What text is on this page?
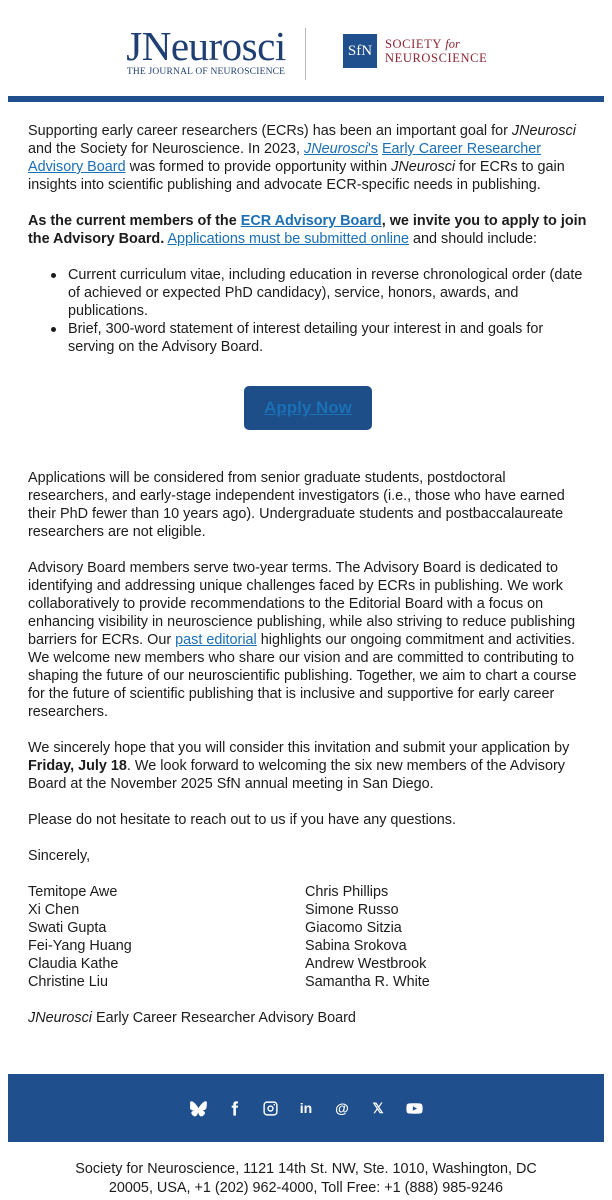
JNeurosci
THE JOURNAL OF NEUROSCIENCE
SfN	SOCIETY for
NEUROSCIENCE

Supporting early career researchers (ECRs) has been an important goal for JNeurosci and the Society for Neuroscience. In 2023, JNeurosci's Early Career Researcher Advisory Board was formed to provide opportunity within JNeurosci for ECRs to gain insights into scientific publishing and advocate ECR-specific needs in publishing.

As the current members of the ECR Advisory Board, we invite you to apply to join the Advisory Board. Applications must be submitted online and should include:

Current curriculum vitae, including education in reverse chronological order (date of achieved or expected PhD candidacy), service, honors, awards, and publications.
Brief, 300-word statement of interest detailing your interest in and goals for serving on the Advisory Board.
Apply Now

Applications will be considered from senior graduate students, postdoctoral researchers, and early-stage independent investigators (i.e., those who have earned their PhD fewer than 10 years ago). Undergraduate students and postbaccalaureate researchers are not eligible.

Advisory Board members serve two-year terms. The Advisory Board is dedicated to identifying and addressing unique challenges faced by ECRs in publishing. We work collaboratively to provide recommendations to the Editorial Board with a focus on enhancing visibility in neuroscience publishing, while also striving to reduce publishing barriers for ECRs. Our past editorial highlights our ongoing commitment and activities. We welcome new members who share our vision and are committed to contributing to shaping the future of our neuroscientific publishing. Together, we aim to chart a course for the future of scientific publishing that is inclusive and supportive for early career researchers.

We sincerely hope that you will consider this invitation and submit your application by Friday, July 18. We look forward to welcoming the six new members of the Advisory Board at the November 2025 SfN annual meeting in San Diego.

Please do not hesitate to reach out to us if you have any questions.

Sincerely,

Temitope Awe
Xi Chen
Swati Gupta
Fei-Yang Huang
Claudia Kathe
Christine Liu
Chris Phillips
Simone Russo
Giacomo Sitzia
Sabina Srokova
Andrew Westbrook
Samantha R. White

JNeurosci Early Career Researcher Advisory Board

in @ 𝕏
Society for Neuroscience, 1121 14th St. NW, Ste. 1010, Washington, DC
20005, USA, +1 (202) 962-4000, Toll Free: +1 (888) 985-9246
